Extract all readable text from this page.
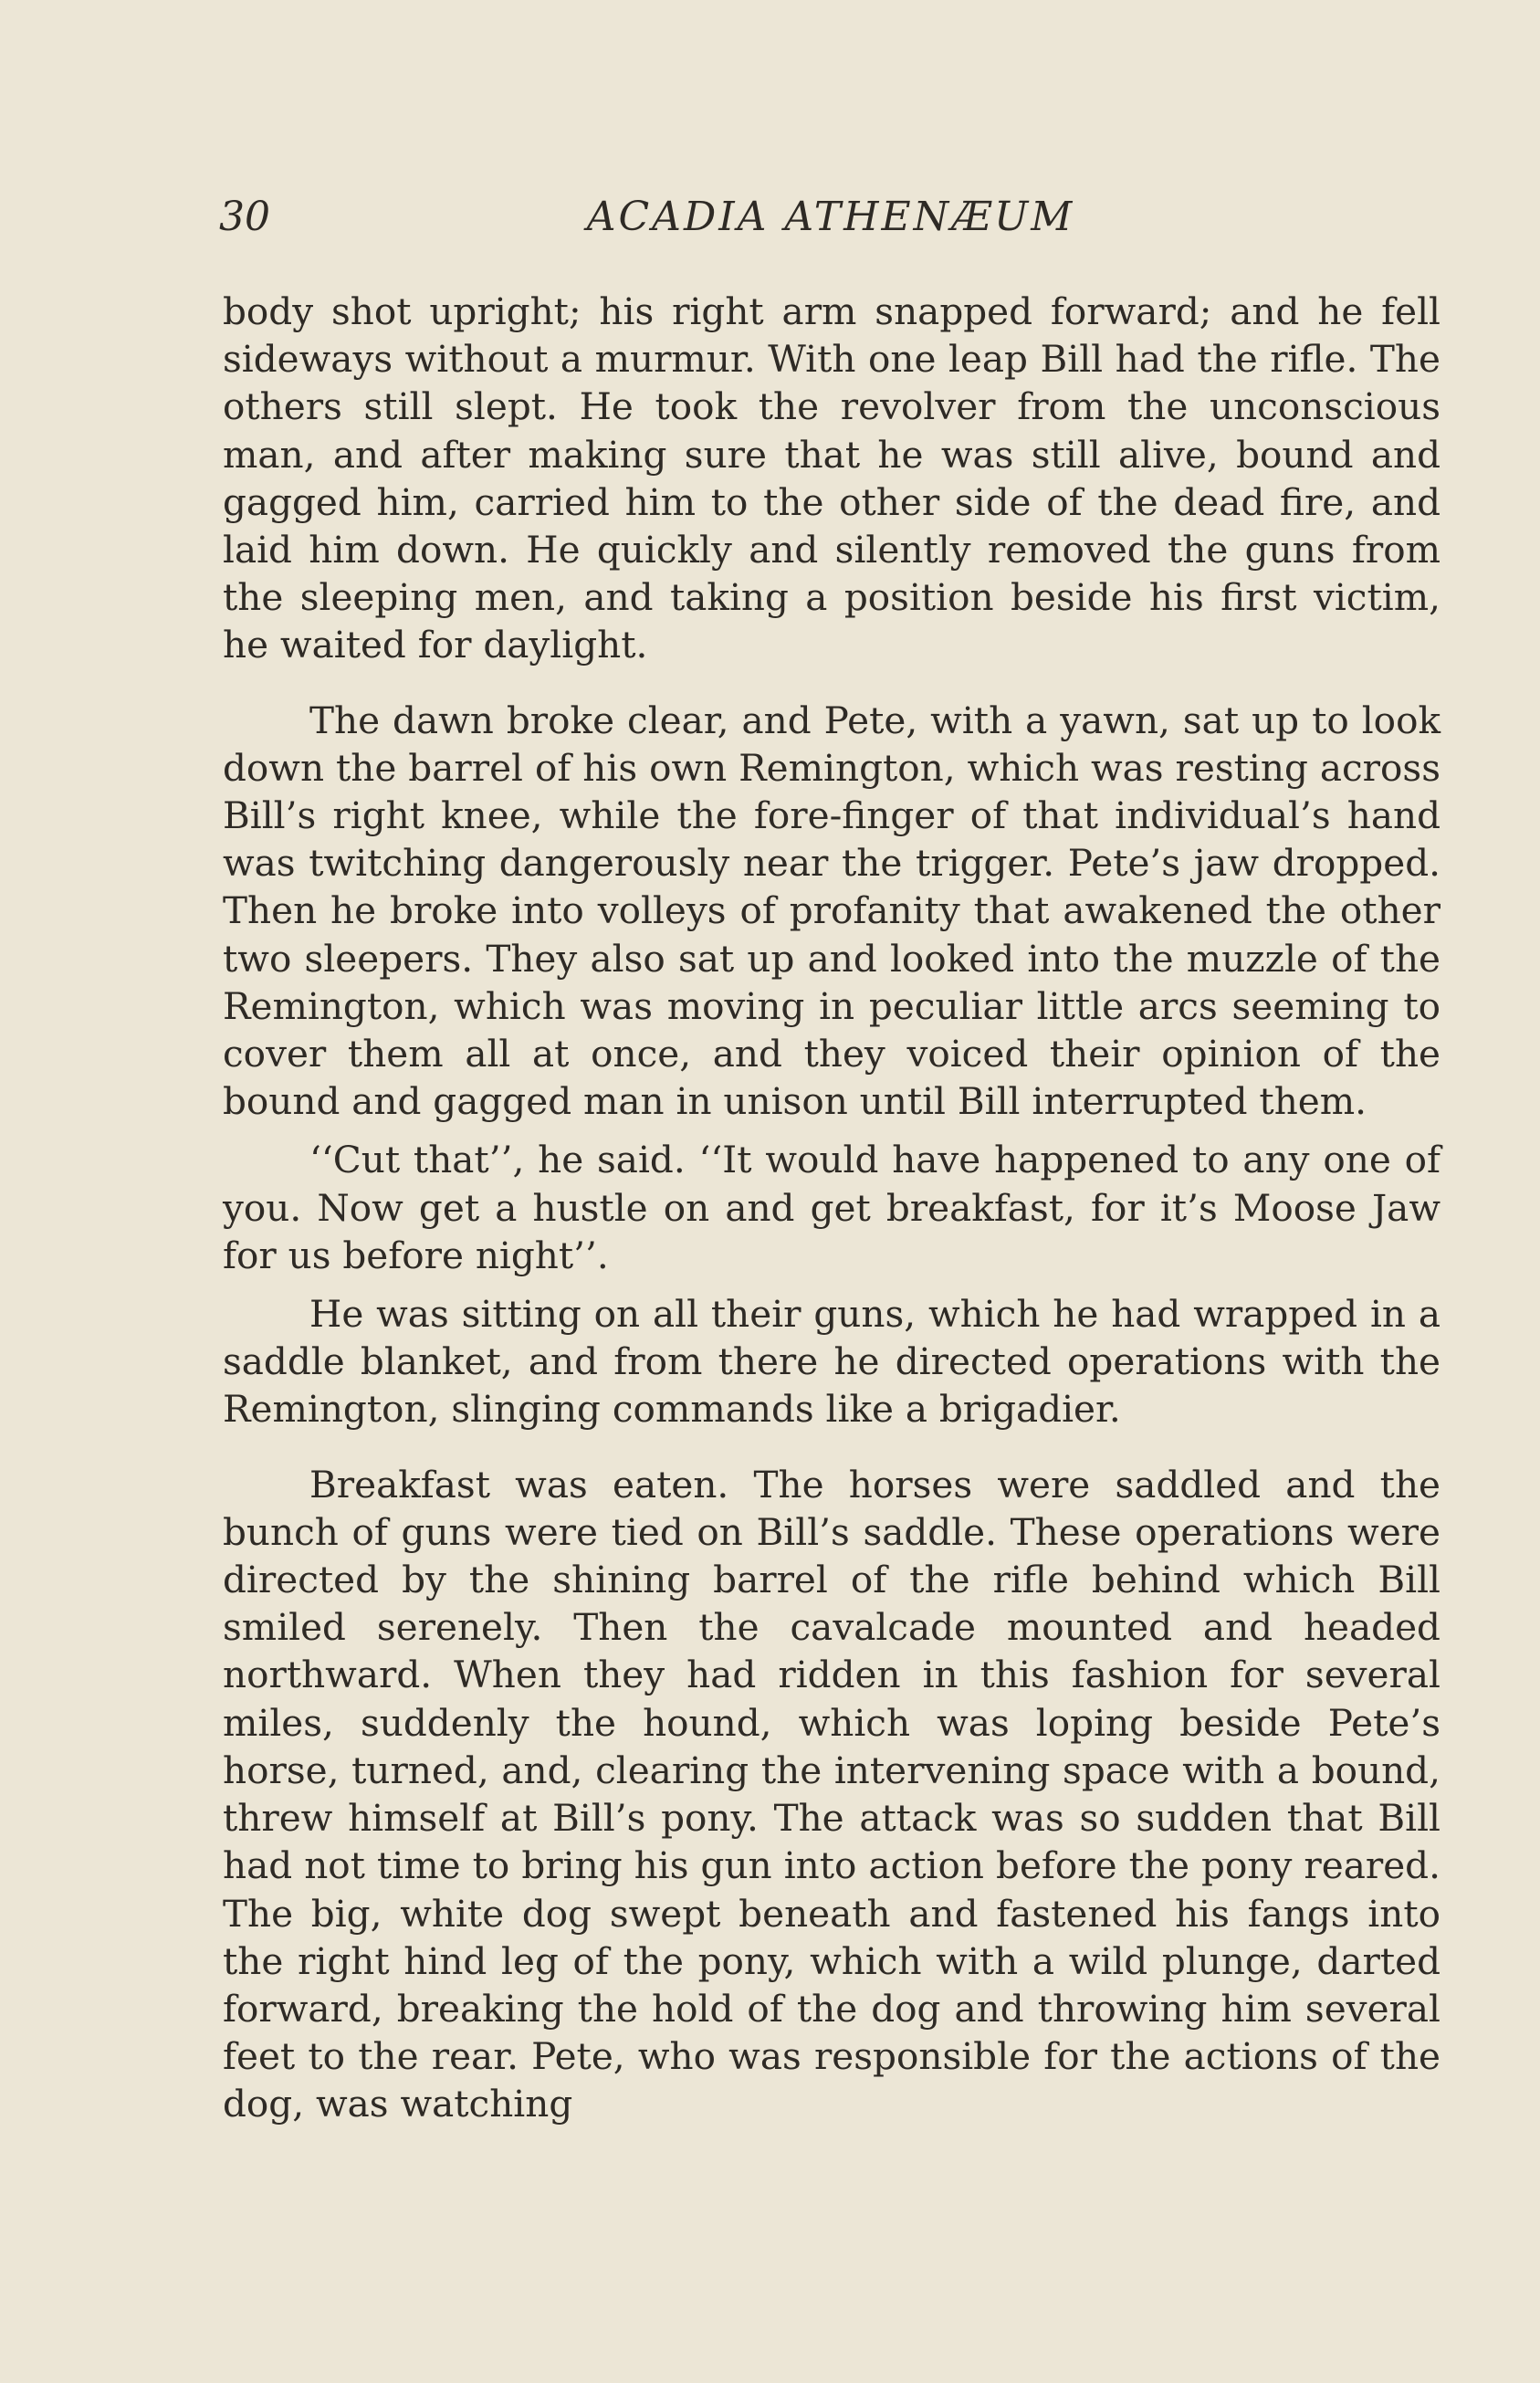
30	ACADIA ATHENÆUM

body shot upright; his right arm snapped forward; and he fell sideways without a murmur. With one leap Bill had the rifle. The others still slept. He took the revolver from the unconscious man, and after making sure that he was still alive, bound and gagged him, carried him to the other side of the dead fire, and laid him down. He quickly and silently removed the guns from the sleeping men, and taking a position beside his first victim, he waited for daylight.

The dawn broke clear, and Pete, with a yawn, sat up to look down the barrel of his own Remington, which was resting across Bill’s right knee, while the fore-finger of that individual’s hand was twitching dangerously near the trigger. Pete’s jaw dropped. Then he broke into volleys of profanity that awakened the other two sleepers. They also sat up and looked into the muzzle of the Remington, which was moving in peculiar little arcs seeming to cover them all at once, and they voiced their opinion of the bound and gagged man in unison until Bill interrupted them.

‘‘Cut that’’, he said. ‘‘It would have happened to any one of you. Now get a hustle on and get breakfast, for it’s Moose Jaw for us before night’’.

He was sitting on all their guns, which he had wrapped in a saddle blanket, and from there he directed operations with the Remington, slinging commands like a brigadier.

Breakfast was eaten. The horses were saddled and the bunch of guns were tied on Bill’s saddle. These operations were directed by the shining barrel of the rifle behind which Bill smiled serenely. Then the cavalcade mounted and headed northward. When they had ridden in this fashion for several miles, suddenly the hound, which was loping beside Pete’s horse, turned, and, clearing the intervening space with a bound, threw himself at Bill’s pony. The attack was so sudden that Bill had not time to bring his gun into action before the pony reared. The big, white dog swept beneath and fastened his fangs into the right hind leg of the pony, which with a wild plunge, darted forward, breaking the hold of the dog and throwing him several feet to the rear. Pete, who was responsible for the actions of the dog, was watching
